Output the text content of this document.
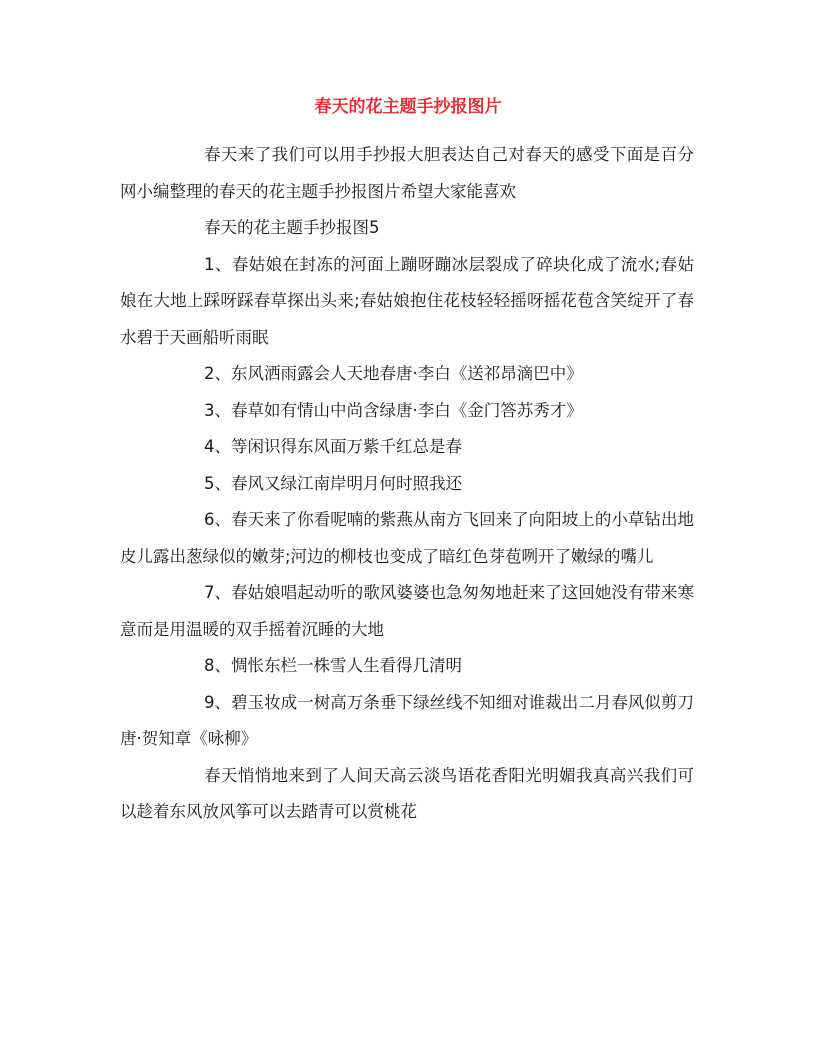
春天的花主题手抄报图片

春天来了我们可以用手抄报大胆表达自己对春天的感受下面是百分网小编整理的春天的花主题手抄报图片希望大家能喜欢

春天的花主题手抄报图5

1、春姑娘在封冻的河面上蹦呀蹦冰层裂成了碎块化成了流水;春姑娘在大地上踩呀踩春草探出头来;春姑娘抱住花枝轻轻摇呀摇花苞含笑绽开了春水碧于天画船听雨眠

2、东风洒雨露会人天地春唐·李白《送祁昂滴巴中》

3、春草如有情山中尚含绿唐·李白《金门答苏秀才》

4、等闲识得东风面万紫千红总是春

5、春风又绿江南岸明月何时照我还

6、春天来了你看呢喃的紫燕从南方飞回来了向阳坡上的小草钻出地皮儿露出葱绿似的嫩芽;河边的柳枝也变成了暗红色芽苞咧开了嫩绿的嘴儿

7、春姑娘唱起动听的歌风婆婆也急匆匆地赶来了这回她没有带来寒意而是用温暖的双手摇着沉睡的大地

8、惆怅东栏一株雪人生看得几清明

9、碧玉妆成一树高万条垂下绿丝线不知细对谁裁出二月春风似剪刀唐·贺知章《咏柳》

春天悄悄地来到了人间天高云淡鸟语花香阳光明媚我真高兴我们可以趁着东风放风筝可以去踏青可以赏桃花
